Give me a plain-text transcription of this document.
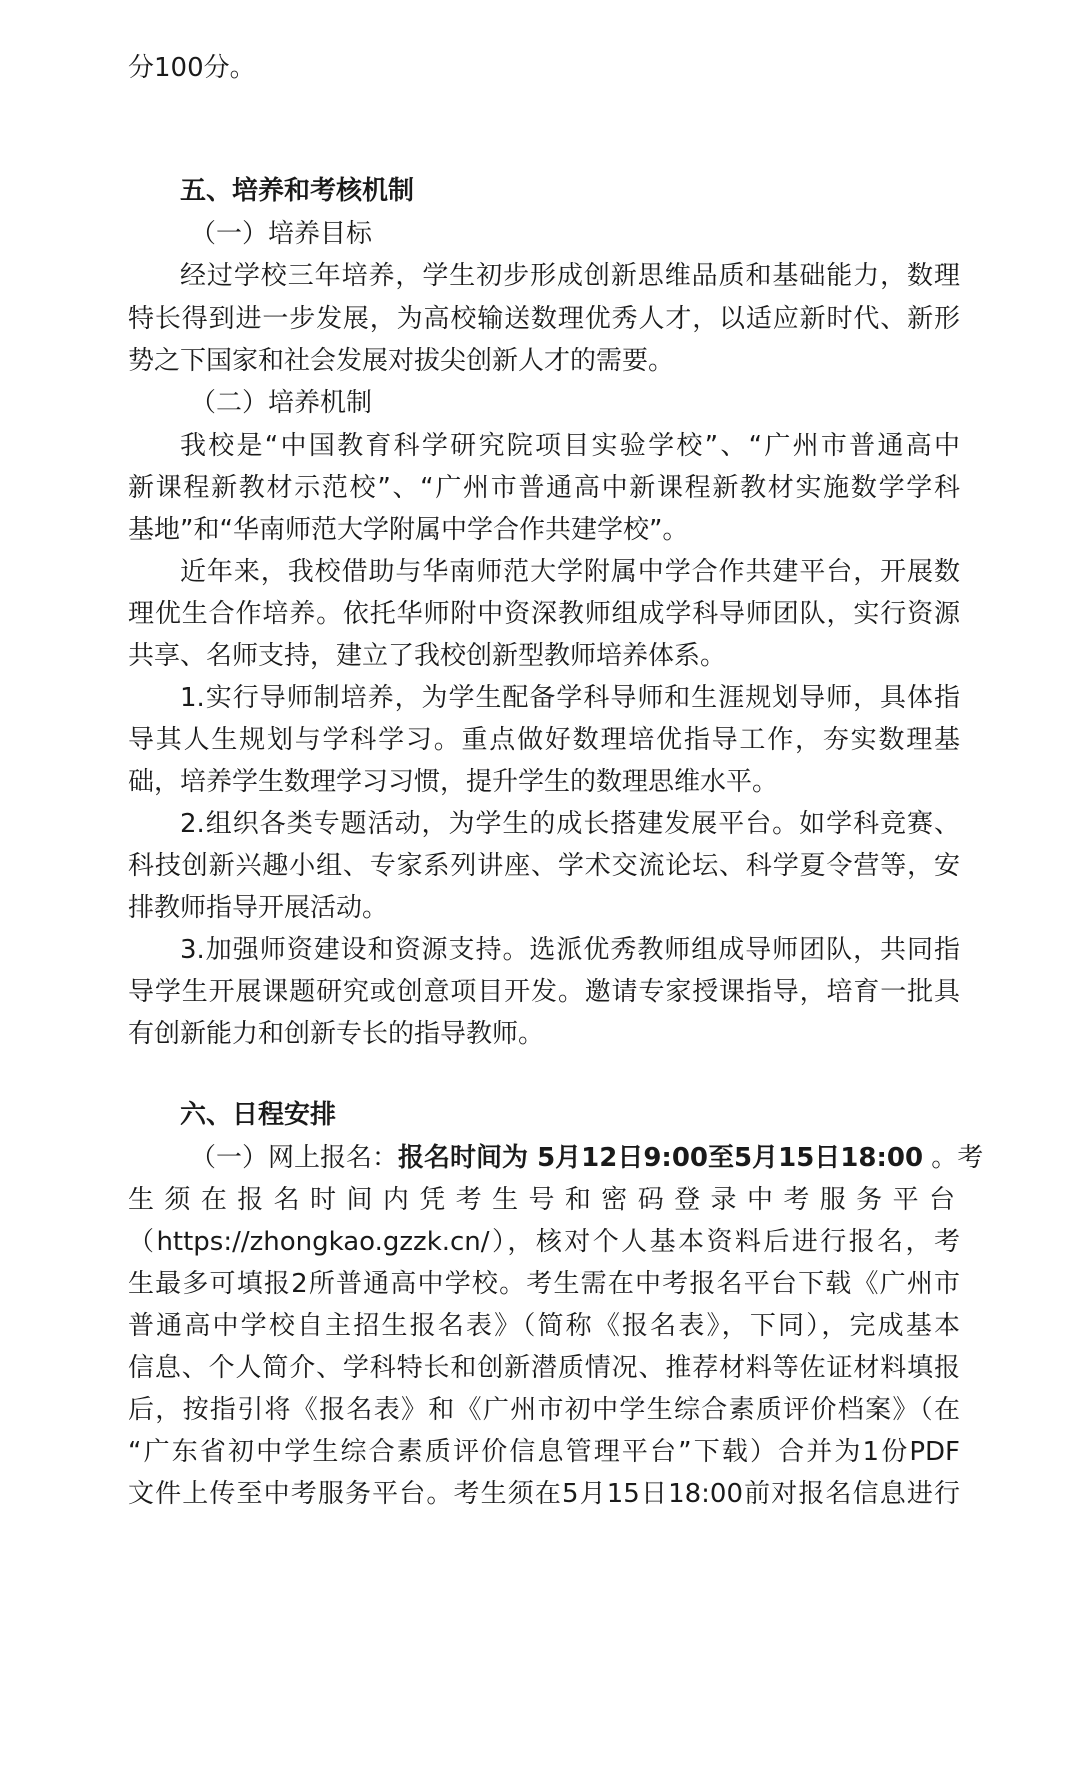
分100分。
五、培养和考核机制
（一）培养目标
经过学校三年培养，学生初步形成创新思维品质和基础能力，数理
特长得到进一步发展，为高校输送数理优秀人才，以适应新时代、新形
势之下国家和社会发展对拔尖创新人才的需要。
（二）培养机制
我校是“中国教育科学研究院项目实验学校”、“广州市普通高中
新课程新教材示范校”、“广州市普通高中新课程新教材实施数学学科
基地”和“华南师范大学附属中学合作共建学校”。
近年来，我校借助与华南师范大学附属中学合作共建平台，开展数
理优生合作培养。依托华师附中资深教师组成学科导师团队，实行资源
共享、名师支持，建立了我校创新型教师培养体系。
1.实行导师制培养，为学生配备学科导师和生涯规划导师，具体指
导其人生规划与学科学习。重点做好数理培优指导工作，夯实数理基
础，培养学生数理学习习惯，提升学生的数理思维水平。
2.组织各类专题活动，为学生的成长搭建发展平台。如学科竞赛、
科技创新兴趣小组、专家系列讲座、学术交流论坛、科学夏令营等，安
排教师指导开展活动。
3.加强师资建设和资源支持。选派优秀教师组成导师团队，共同指
导学生开展课题研究或创意项目开发。邀请专家授课指导，培育一批具
有创新能力和创新专长的指导教师。
六、日程安排
（一）网上报名：报名时间为 5月12日9:00至5月15日18:00 。考
生须在报名时间内凭考生号和密码登录中考服务平台
（https://zhongkao.gzzk.cn/），核对个人基本资料后进行报名，考
生最多可填报2所普通高中学校。考生需在中考报名平台下载《广州市
普通高中学校自主招生报名表》（简称《报名表》，下同），完成基本
信息、个人简介、学科特长和创新潜质情况、推荐材料等佐证材料填报
后，按指引将《报名表》和《广州市初中学生综合素质评价档案》（在
“广东省初中学生综合素质评价信息管理平台”下载）合并为1份PDF
文件上传至中考服务平台。考生须在5月15日18:00前对报名信息进行
